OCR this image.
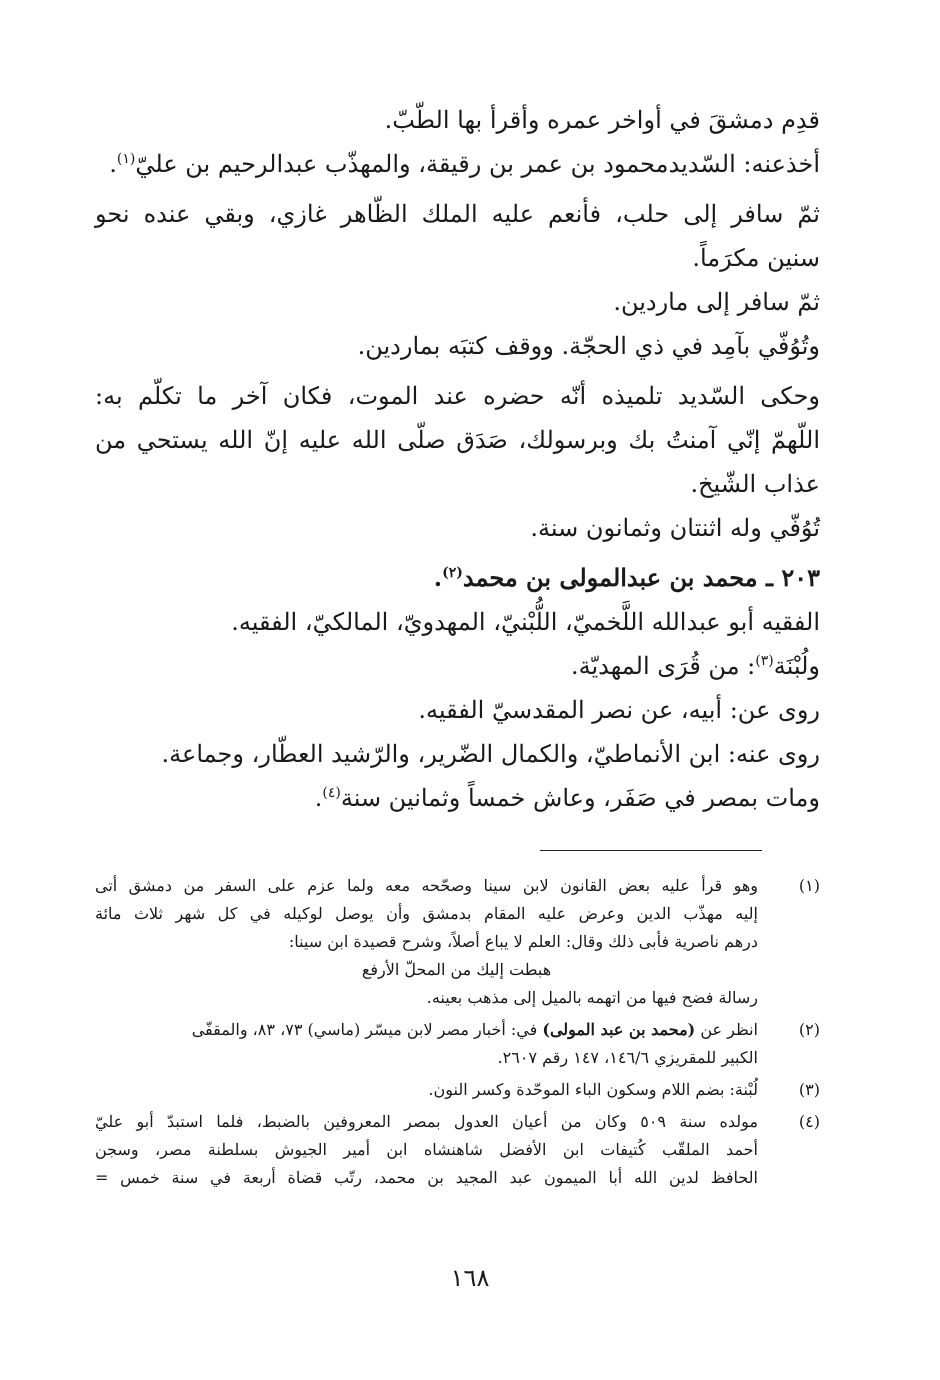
قدِم دمشقَ في أواخر عمره وأقرأ بها الطّبّ.
أخذعنه: السّديدمحمود بن عمر بن رقيقة، والمهذّب عبدالرحيم بن عليّ$^{(١)}$.
ثمّ سافر إلى حلب، فأنعم عليه الملك الظّاهر غازي، وبقي عنده نحو
سنين مكرَماً.
ثمّ سافر إلى ماردين.
وتُوُفّي بآمِد في ذي الحجّة. ووقف كتبَه بماردين.
وحكى السّديد تلميذه أنّه حضره عند الموت، فكان آخر ما تكلّم به:
اللّهمّ إنّي آمنتُ بك وبرسولك، صَدَق صلّى الله عليه إنّ الله يستحي من
عذاب الشّيخ.
تُوُفّي وله اثنتان وثمانون سنة.
٢٠٣ ـ محمد بن عبدالمولى بن محمد$^{(٢)}$.
الفقيه أبو عبدالله اللَّخميّ، اللُّبْنيّ، المهدويّ، المالكيّ، الفقيه.
ولُبْنَة$^{(٣)}$: من قُرَى المهديّة.
روى عن: أبيه، عن نصر المقدسيّ الفقيه.
روى عنه: ابن الأنماطيّ، والكمال الضّرير، والرّشيد العطّار، وجماعة.
ومات بمصر في صَفَر، وعاش خمساً وثمانين سنة$^{(٤)}$.
(١)
وهو قرأ عليه بعض القانون لابن سينا وصحّحه معه ولما عزم على السفر من دمشق أتى
إليه مهذّب الدين وعرض عليه المقام بدمشق وأن يوصل لوكيله في كل شهر ثلاث مائة
درهم ناصرية فأبى ذلك وقال: العلم لا يباع أصلاً، وشرح قصيدة ابن سينا:
هبطت إليك من المحلّ الأرفع
رسالة فضح فيها من اتهمه بالميل إلى مذهب بعينه.
(٢)
انظر عن (محمد بن عبد المولى) في: أخبار مصر لابن ميسّر (ماسي) ٧٣، ٨٣، والمقفّى
الكبير للمقريزي ١٤٦/٦، ١٤٧ رقم ٢٦٠٧.
(٣)
لُبْنة: بضم اللام وسكون الباء الموحّدة وكسر النون.
(٤)
مولده سنة ٥٠٩ وكان من أعيان العدول بمصر المعروفين بالضبط، فلما استبدّ أبو عليّ
أحمد الملقّب كُتيفات ابن الأفضل شاهنشاه ابن أمير الجيوش بسلطنة مصر، وسجن
الحافظ لدين الله أبا الميمون عبد المجيد بن محمد، رتّب قضاة أربعة في سنة خمس =
١٦٨
